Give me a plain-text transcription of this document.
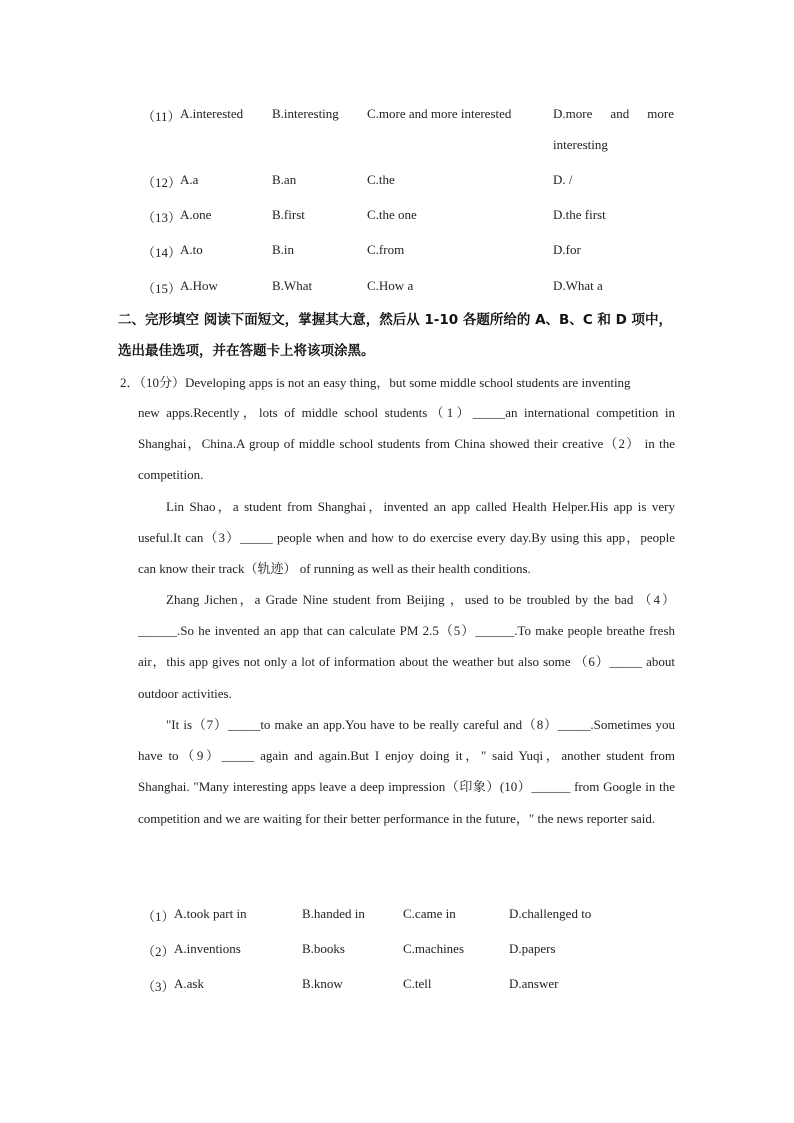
（11） A.interested B.interesting C.more and more interested	D.more and more
interesting
（12）
A.a	B.an	C.the	D. /
（13）
A.one	B.first	C.the one	D.the first
（14）
A.to	B.in	C.from	D.for
（15）
A.How	B.What	C.How a	D.What a
二、完形填空 阅读下面短文，掌握其大意，然后从 1-10 各题所给的 A、B、C 和 D 项中，
选出最佳选项，并在答题卡上将该项涂黑。
2．（10分）Developing apps is not an easy thing，but some middle school students are inventing
new apps.Recently，lots of middle school students（1）_____an international competition in Shanghai，China.A group of middle school students from China showed their creative（2） in the competition.
Lin Shao，a student from Shanghai，invented an app called Health Helper.His app is very useful.It can（3）_____ people when and how to do exercise every day.By using this app，people can know their track（轨迹） of running as well as their health conditions.
Zhang Jichen，a Grade Nine student from Beijing ，used to be troubled by the bad （4）______.So he invented an app that can calculate PM 2.5（5）______.To make people breathe fresh air，this app gives not only a lot of information about the weather but also some （6）_____ about outdoor activities.
"It is（7）_____to make an app.You have to be really careful and（8）_____.Sometimes you have to（9）_____ again and again.But I enjoy doing it，" said Yuqi，another student from Shanghai. "Many interesting apps leave a deep impression（印象）(10）______ from Google in the competition and we are waiting for their better performance in the future，" the news reporter said.
（1） A.took part in	B.handed in	C.came in	D.challenged to
（2） A.inventions	B.books	C.machines	D.papers
（3） A.ask	B.know	C.tell	D.answer
